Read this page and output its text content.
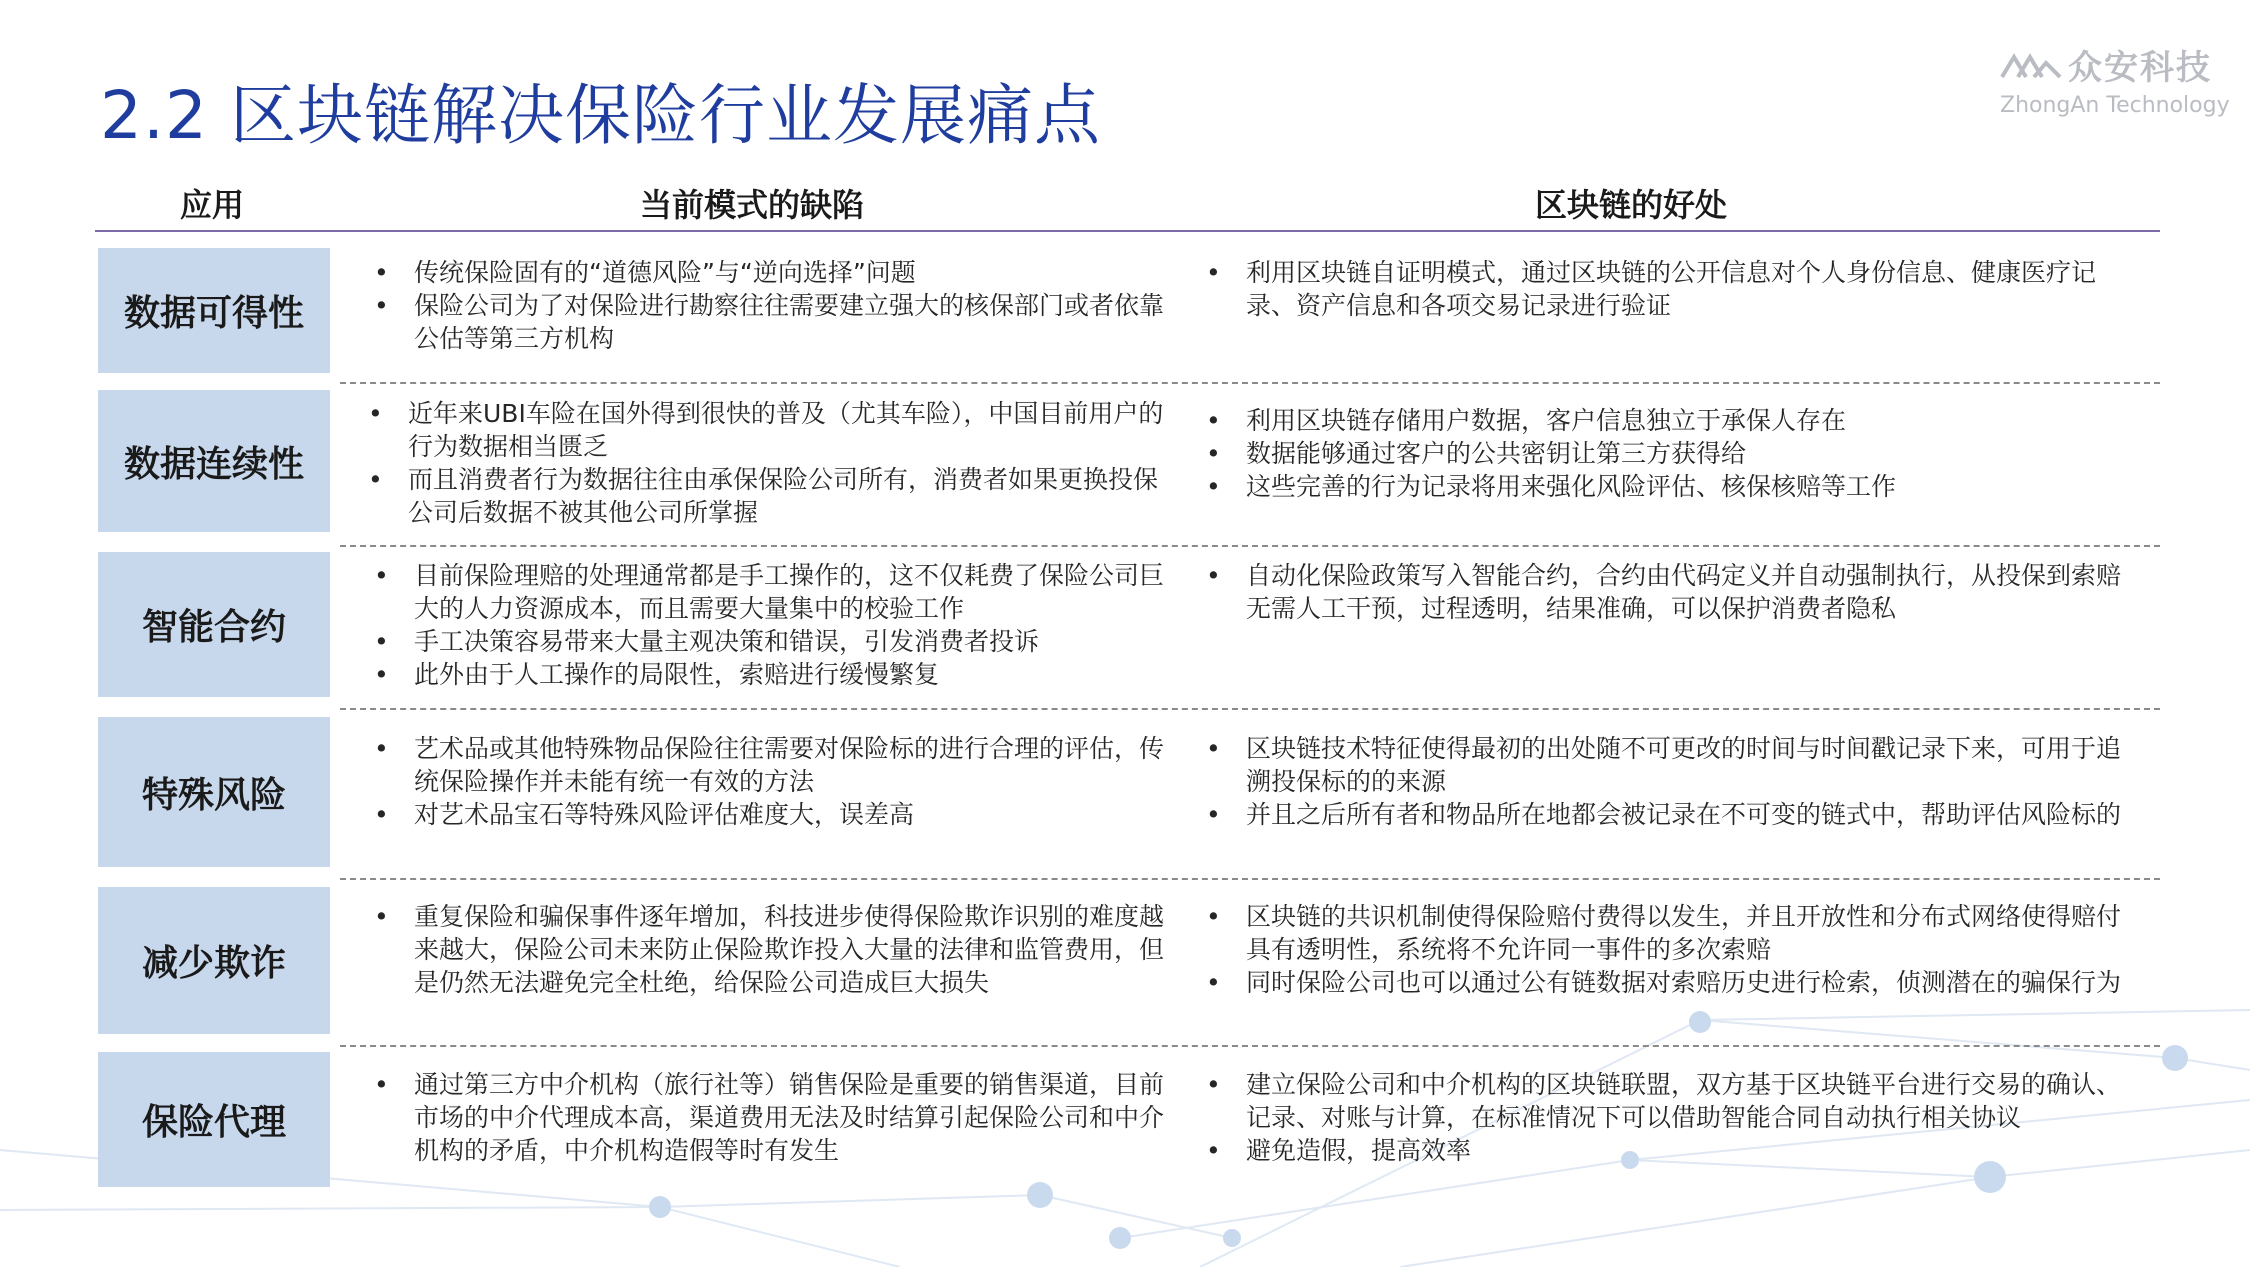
2.2 区块链解决保险行业发展痛点
众安科技
ZhongAn Technology
应用	当前模式的缺陷	区块链的好处
数据可得性
• 传统保险固有的“道德风险”与“逆向选择”问题
• 保险公司为了对保险进行勘察往往需要建立强大的核保部门或者依靠公估等第三方机构
• 利用区块链自证明模式，通过区块链的公开信息对个人身份信息、健康医疗记录、资产信息和各项交易记录进行验证
数据连续性
• 近年来UBI车险在国外得到很快的普及（尤其车险），中国目前用户的行为数据相当匮乏
• 而且消费者行为数据往往由承保保险公司所有，消费者如果更换投保公司后数据不被其他公司所掌握
• 利用区块链存储用户数据，客户信息独立于承保人存在
• 数据能够通过客户的公共密钥让第三方获得给
• 这些完善的行为记录将用来强化风险评估、核保核赔等工作
智能合约
• 目前保险理赔的处理通常都是手工操作的，这不仅耗费了保险公司巨大的人力资源成本，而且需要大量集中的校验工作
• 手工决策容易带来大量主观决策和错误，引发消费者投诉
• 此外由于人工操作的局限性，索赔进行缓慢繁复
• 自动化保险政策写入智能合约，合约由代码定义并自动强制执行，从投保到索赔无需人工干预，过程透明，结果准确，可以保护消费者隐私
特殊风险
• 艺术品或其他特殊物品保险往往需要对保险标的进行合理的评估，传统保险操作并未能有统一有效的方法
• 对艺术品宝石等特殊风险评估难度大，误差高
• 区块链技术特征使得最初的出处随不可更改的时间与时间戳记录下来，可用于追溯投保标的的来源
• 并且之后所有者和物品所在地都会被记录在不可变的链式中，帮助评估风险标的
减少欺诈
• 重复保险和骗保事件逐年增加，科技进步使得保险欺诈识别的难度越来越大，保险公司未来防止保险欺诈投入大量的法律和监管费用，但是仍然无法避免完全杜绝，给保险公司造成巨大损失
• 区块链的共识机制使得保险赔付费得以发生，并且开放性和分布式网络使得赔付具有透明性，系统将不允许同一事件的多次索赔
• 同时保险公司也可以通过公有链数据对索赔历史进行检索，侦测潜在的骗保行为
保险代理
• 通过第三方中介机构（旅行社等）销售保险是重要的销售渠道，目前市场的中介代理成本高，渠道费用无法及时结算引起保险公司和中介机构的矛盾，中介机构造假等时有发生
• 建立保险公司和中介机构的区块链联盟，双方基于区块链平台进行交易的确认、记录、对账与计算，在标准情况下可以借助智能合同自动执行相关协议
• 避免造假，提高效率
